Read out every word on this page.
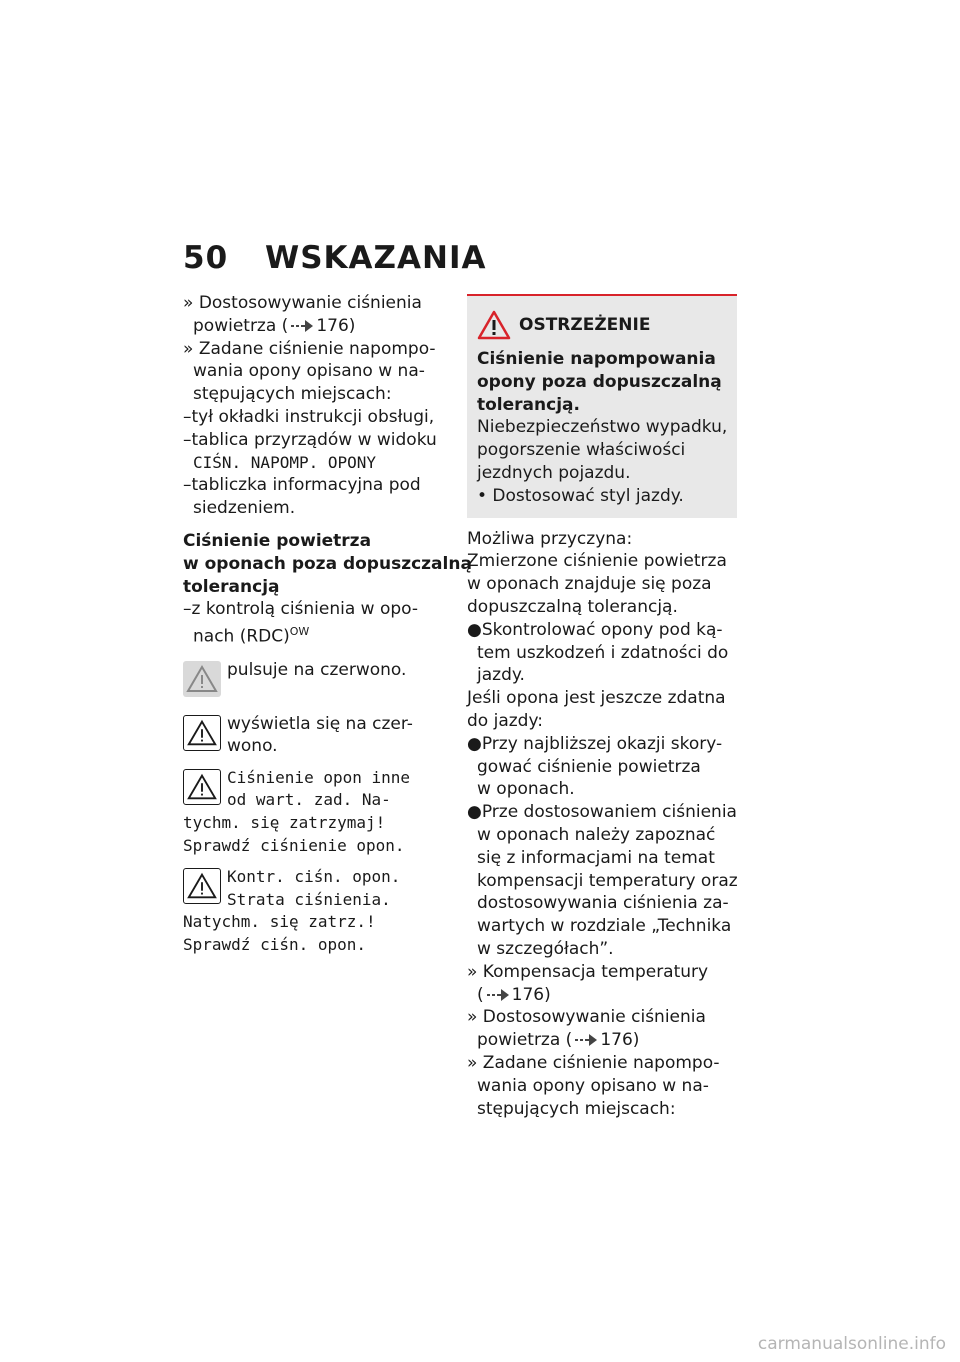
50 WSKAZANIA
» Dostosowywanie ciśnienia
powietrza ( 176)
» Zadane ciśnienie napompo-
wania opony opisano w na-
stępujących miejscach:
–tył okładki instrukcji obsługi,
–tablica przyrządów w widoku
CIŚN. NAPOMP. OPONY
–tabliczka informacyjna pod
siedzeniem.
Ciśnienie powietrza
w oponach poza dopuszczalną
tolerancją
–z kontrolą ciśnienia w opo-
nach (RDC)$^{OW}$
pulsuje na czerwono.
wyświetla się na czer-
wono.
Ciśnienie opon inne
od wart. zad. Na-
tychm. się zatrzymaj!
Sprawdź ciśnienie opon.
Kontr. ciśn. opon.
Strata ciśnienia.
Natychm. się zatrz.!
Sprawdź ciśn. opon.
OSTRZEŻENIE
Ciśnienie napompowania
opony poza dopuszczalną
tolerancją.
Niebezpieczeństwo wypadku,
pogorszenie właściwości
jezdnych pojazdu.
• Dostosować styl jazdy.
Możliwa przyczyna:
Zmierzone ciśnienie powietrza
w oponach znajduje się poza
dopuszczalną tolerancją.
●Skontrolować opony pod ką-
tem uszkodzeń i zdatności do
jazdy.
Jeśli opona jest jeszcze zdatna
do jazdy:
●Przy najbliższej okazji skory-
gować ciśnienie powietrza
w oponach.
●Prze dostosowaniem ciśnienia
w oponach należy zapoznać
się z informacjami na temat
kompensacji temperatury oraz
dostosowywania ciśnienia za-
wartych w rozdziale „Technika
w szczegółach”.
» Kompensacja temperatury
( 176)
» Dostosowywanie ciśnienia
powietrza ( 176)
» Zadane ciśnienie napompo-
wania opony opisano w na-
stępujących miejscach:
carmanualsonline.info
